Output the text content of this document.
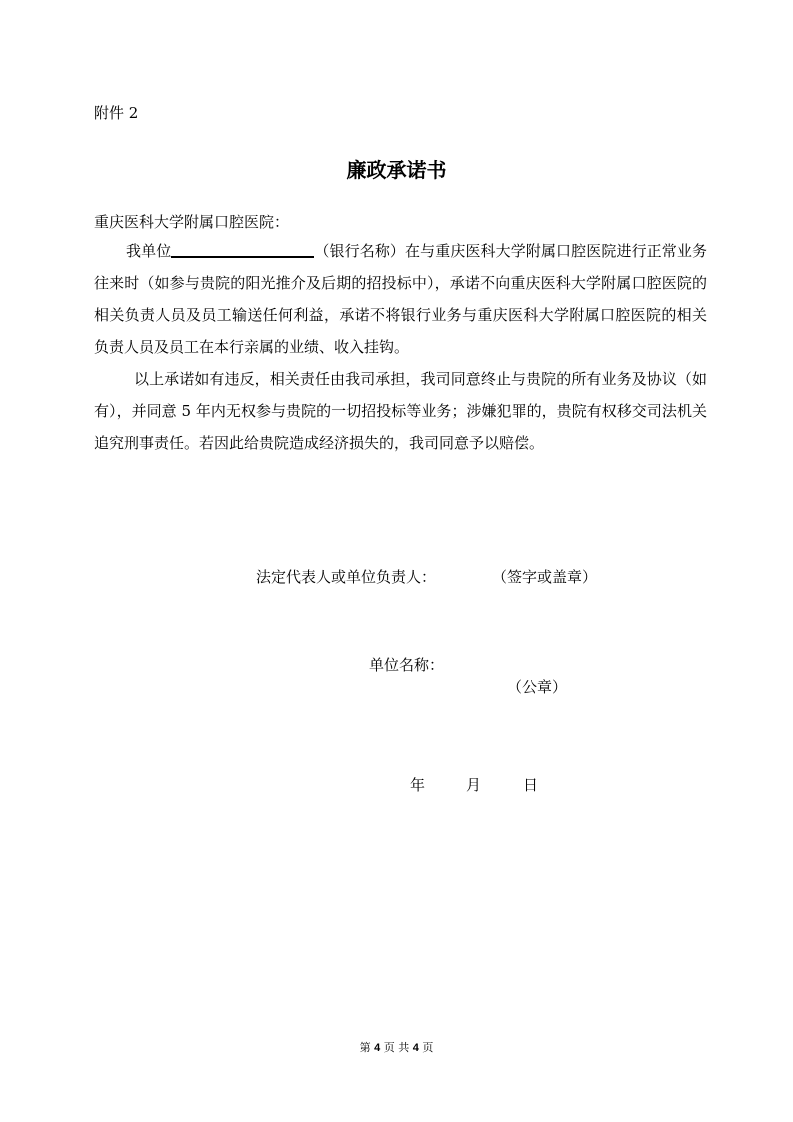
附件 2
廉政承诺书
重庆医科大学附属口腔医院：

我单位	（银行名称）在与重庆医科大学附属口腔医院进行正常业务往来时（如参与贵院的阳光推介及后期的招投标中），承诺不向重庆医科大学附属口腔医院的相关负责人员及员工输送任何利益，承诺不将银行业务与重庆医科大学附属口腔医院的相关负责人员及员工在本行亲属的业绩、收入挂钩。

以上承诺如有违反，相关责任由我司承担，我司同意终止与贵院的所有业务及协议（如有），并同意 5 年内无权参与贵院的一切招投标等业务；涉嫌犯罪的，贵院有权移交司法机关追究刑事责任。若因此给贵院造成经济损失的，我司同意予以赔偿。

法定代表人或单位负责人：	（签字或盖章）
单位名称：
（公章）
年	月	日
第 4 页 共 4 页
